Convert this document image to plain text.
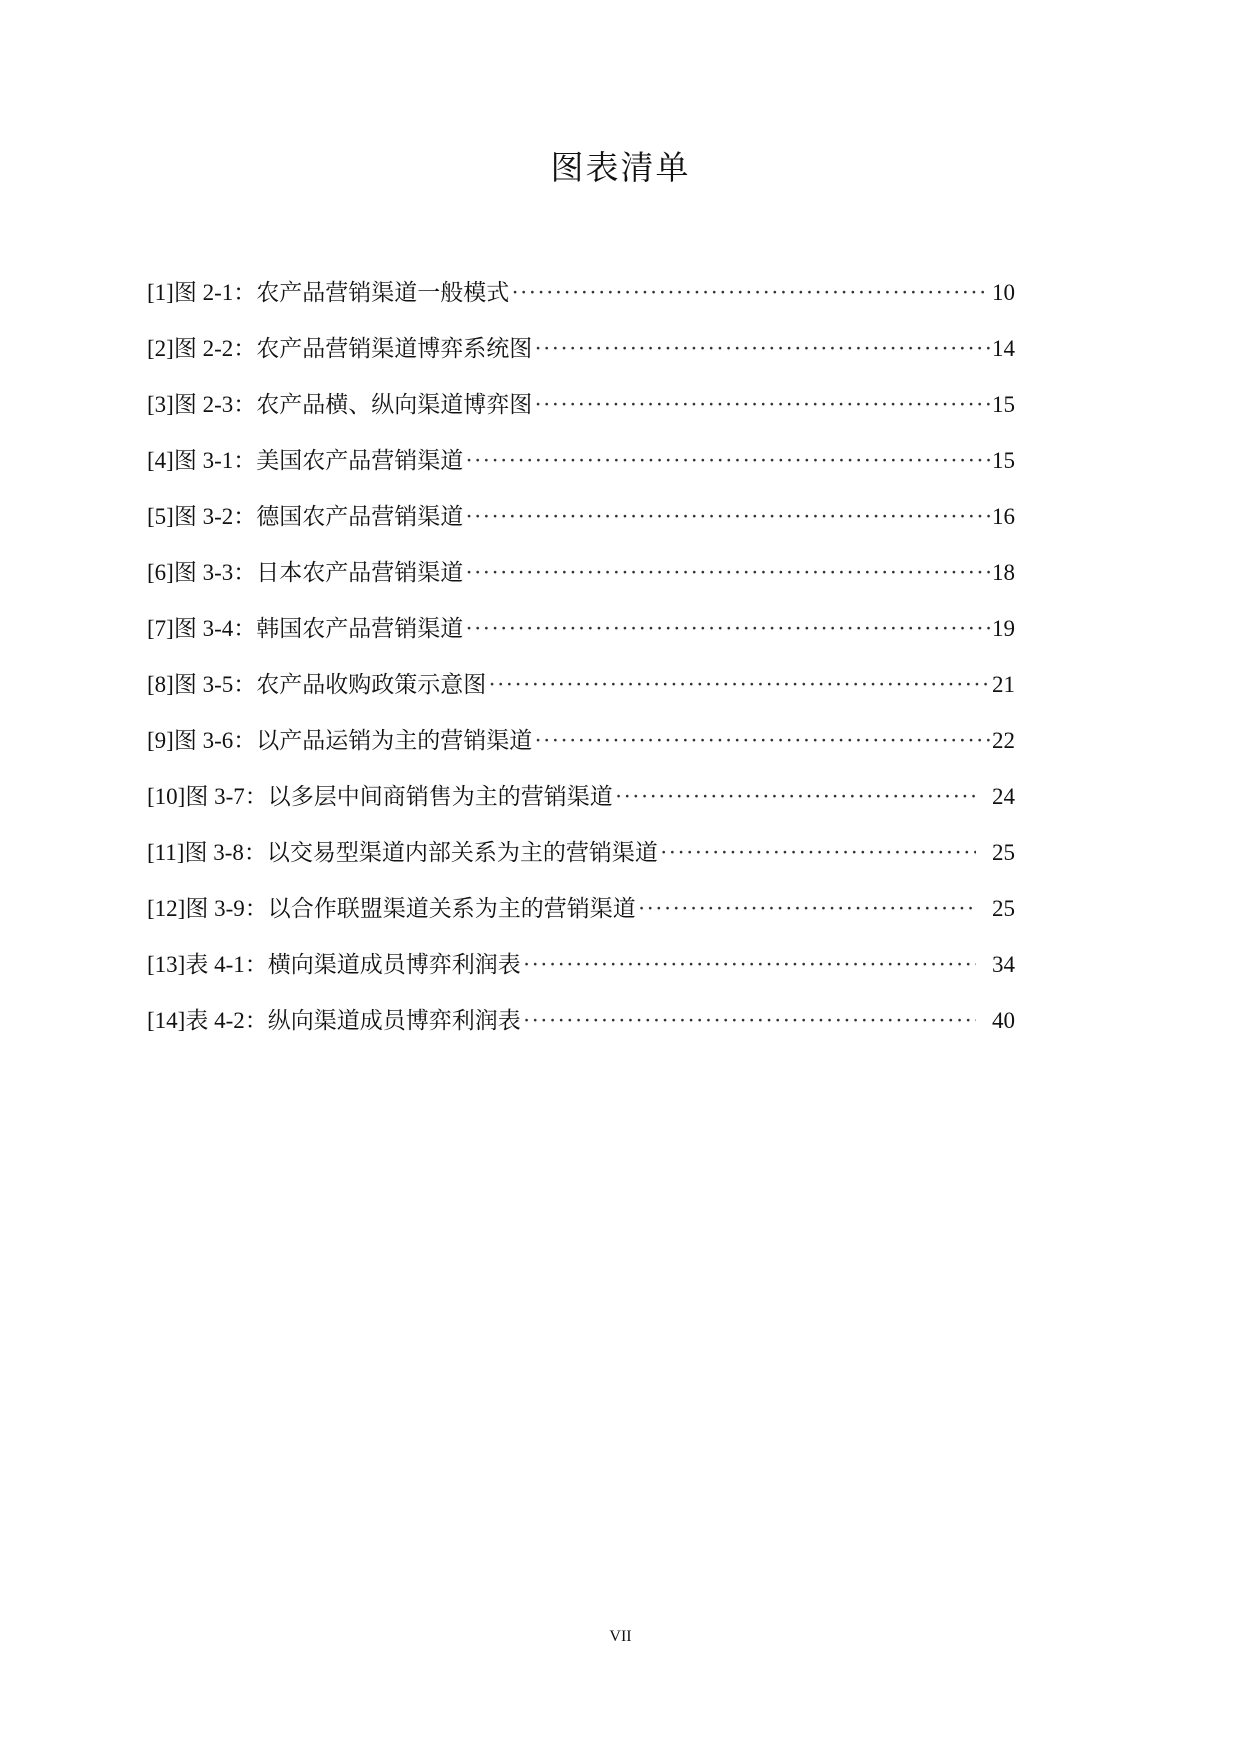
图表清单
[1]图 2-1：农产品营销渠道一般模式 ·····	10
[2]图 2-2：农产品营销渠道博弈系统图 ·····	14
[3]图 2-3：农产品横、纵向渠道博弈图 ·····	15
[4]图 3-1：美国农产品营销渠道 ·····	15
[5]图 3-2：德国农产品营销渠道 ·····	16
[6]图 3-3：日本农产品营销渠道 ·····	18
[7]图 3-4：韩国农产品营销渠道 ·····	19
[8]图 3-5：农产品收购政策示意图 ·····	21
[9]图 3-6：以产品运销为主的营销渠道 ·····	22
[10]图 3-7：以多层中间商销售为主的营销渠道 ·····	24
[11]图 3-8：以交易型渠道内部关系为主的营销渠道 ·····	25
[12]图 3-9：以合作联盟渠道关系为主的营销渠道 ·····	25
[13]表 4-1：横向渠道成员博弈利润表 ·····	34
[14]表 4-2：纵向渠道成员博弈利润表 ·····	40
VII
